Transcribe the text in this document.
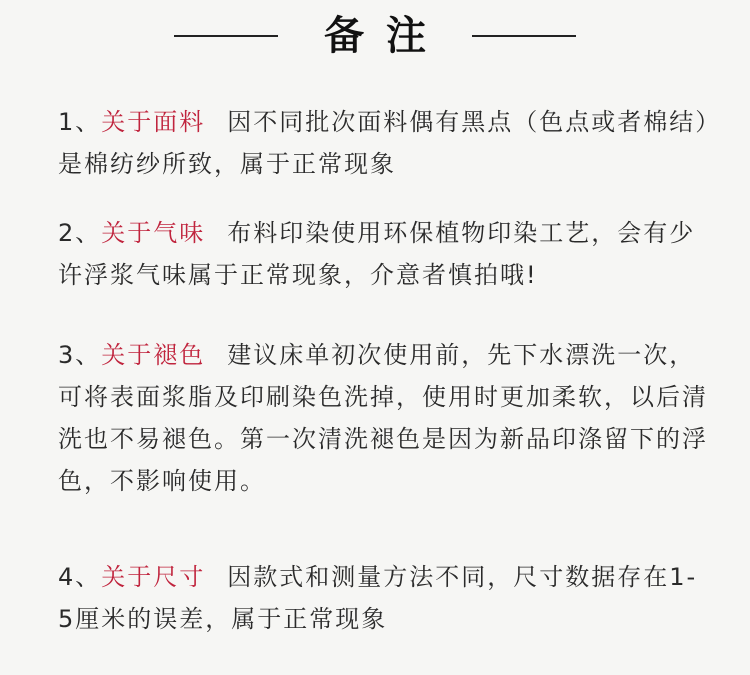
备注
1、关于面料 因不同批次面料偶有黑点（色点或者棉结）是棉纺纱所致，属于正常现象
2、关于气味 布料印染使用环保植物印染工艺，会有少许浮浆气味属于正常现象，介意者慎拍哦!
3、关于褪色 建议床单初次使用前，先下水漂洗一次，可将表面浆脂及印刷染色洗掉，使用时更加柔软，以后清洗也不易褪色。第一次清洗褪色是因为新品印涤留下的浮色，不影响使用。
4、关于尺寸 因款式和测量方法不同，尺寸数据存在1-5厘米的误差，属于正常现象
